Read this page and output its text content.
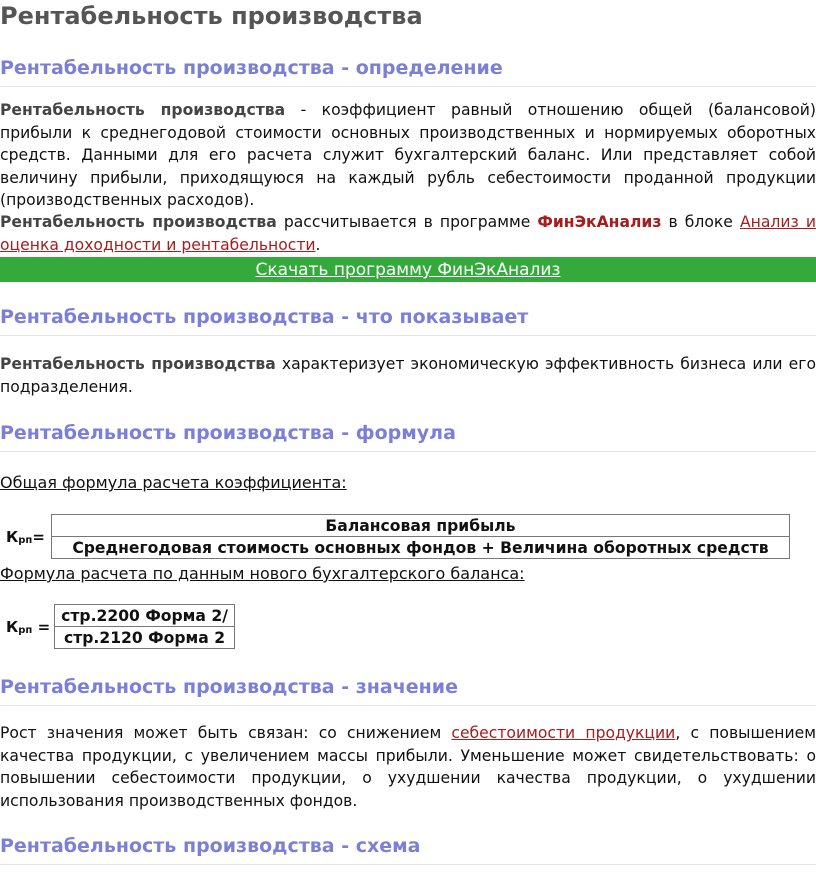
Рентабельность производства
Рентабельность производства - определение

Рентабельность производства - коэффициент равный отношению общей (балансовой) прибыли к среднегодовой стоимости основных производственных и нормируемых оборотных средств. Данными для его расчета служит бухгалтерский баланс. Или представляет собой величину прибыли, приходящуюся на каждый рубль себестоимости проданной продукции (производственных расходов).

Рентабельность производства рассчитывается в программе ФинЭкАнализ в блоке Анализ и оценка доходности и рентабельности.

Скачать программу ФинЭкАнализ
Рентабельность производства - что показывает

Рентабельность производства характеризует экономическую эффективность бизнеса или его подразделения.

Рентабельность производства - формула
Общая формула расчета коэффициента:
$К_{рп}=$	Балансовая прибыль
Среднегодовая стоимость основных фондов + Величина оборотных средств
Формула расчета по данным нового бухгалтерского баланса:
$К_{рп}$ =	стр.2200 Форма 2/
стр.2120 Форма 2
Рентабельность производства - значение

Рост значения может быть связан: со снижением себестоимости продукции, с повышением качества продукции, с увеличением массы прибыли. Уменьшение может свидетельствовать: о повышении себестоимости продукции, о ухудшении качества продукции, о ухудшении использования производственных фондов.

Рентабельность производства - схема
